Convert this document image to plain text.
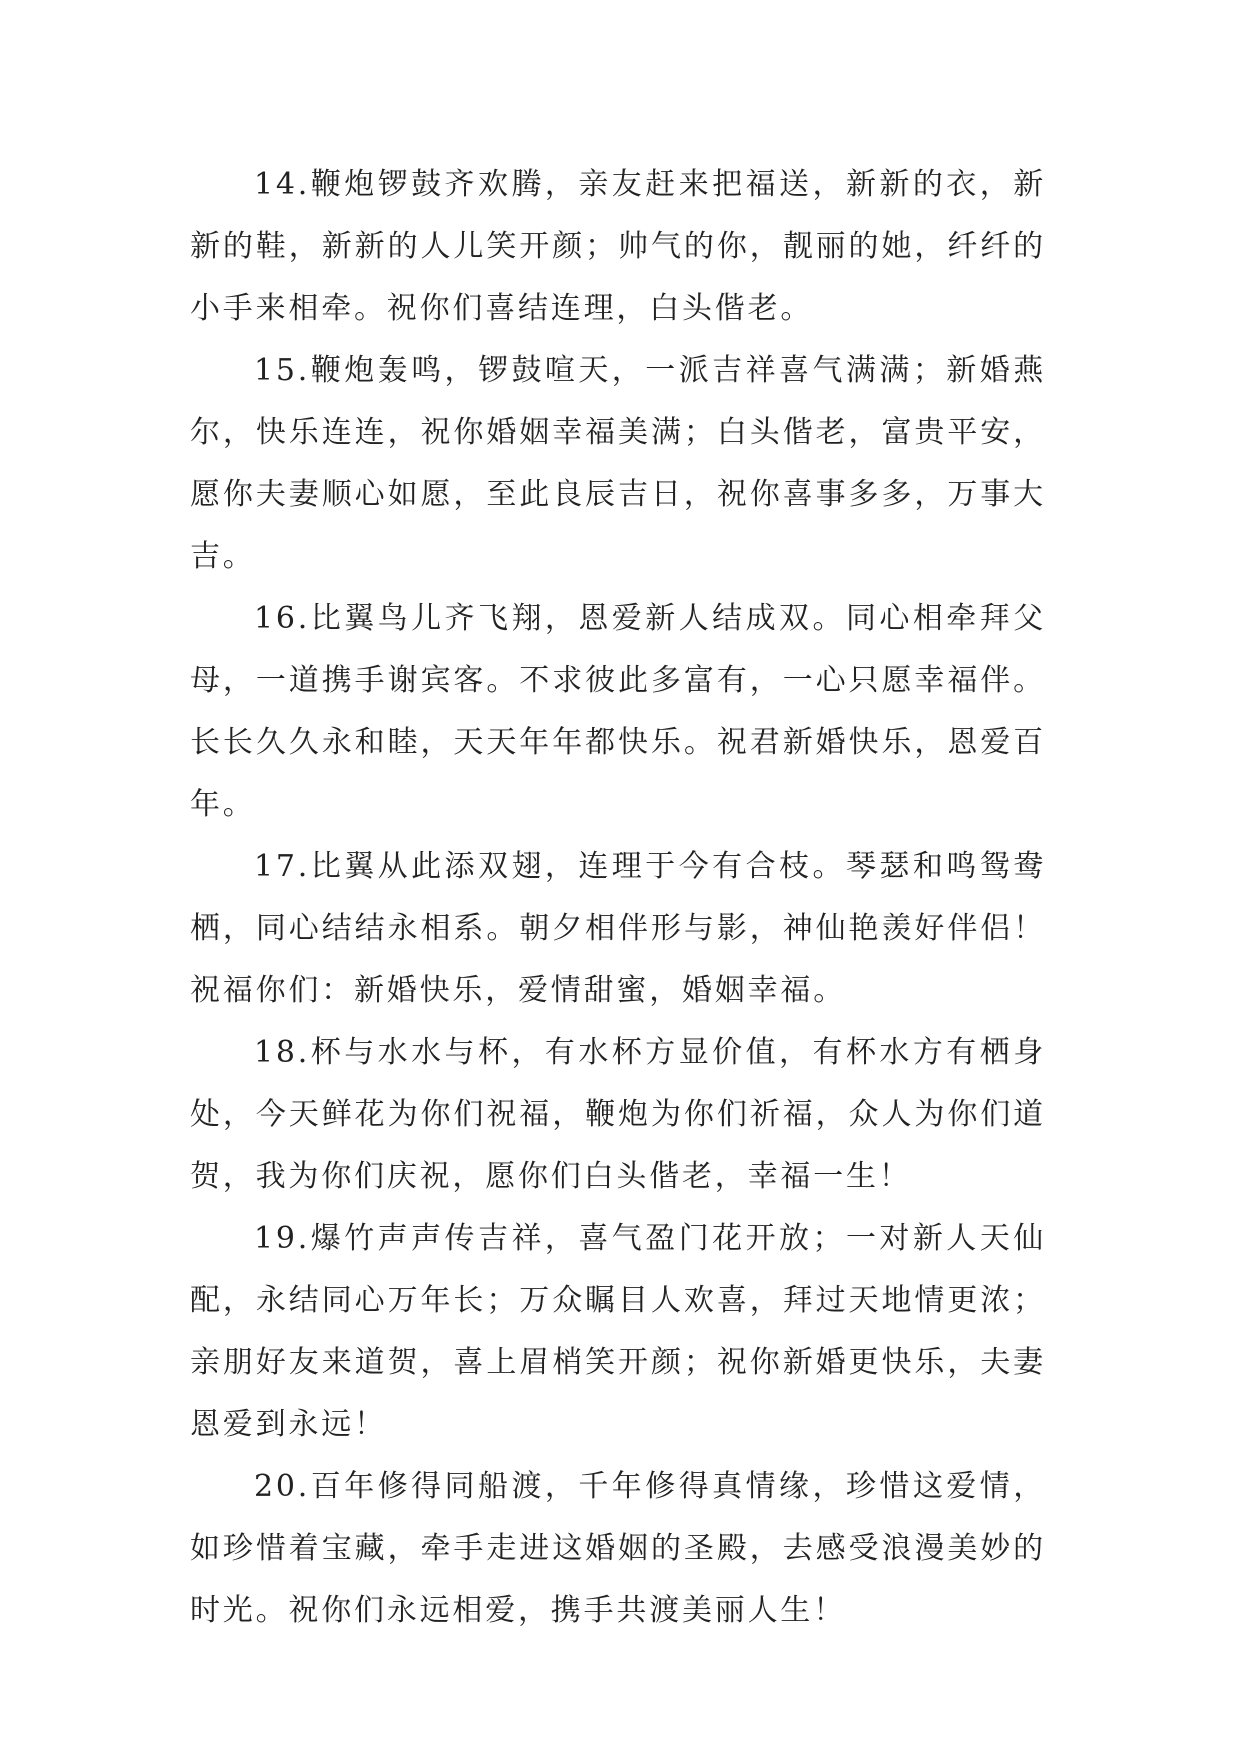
14.鞭炮锣鼓齐欢腾，亲友赶来把福送，新新的衣，新新的鞋，新新的人儿笑开颜；帅气的你，靓丽的她，纤纤的小手来相牵。祝你们喜结连理，白头偕老。

15.鞭炮轰鸣，锣鼓喧天，一派吉祥喜气满满；新婚燕尔，快乐连连，祝你婚姻幸福美满；白头偕老，富贵平安，愿你夫妻顺心如愿，至此良辰吉日，祝你喜事多多，万事大吉。

16.比翼鸟儿齐飞翔，恩爱新人结成双。同心相牵拜父母，一道携手谢宾客。不求彼此多富有，一心只愿幸福伴。长长久久永和睦，天天年年都快乐。祝君新婚快乐，恩爱百年。

17.比翼从此添双翅，连理于今有合枝。琴瑟和鸣鸳鸯栖，同心结结永相系。朝夕相伴形与影，神仙艳羡好伴侣！祝福你们：新婚快乐，爱情甜蜜，婚姻幸福。

18.杯与水水与杯，有水杯方显价值，有杯水方有栖身处，今天鲜花为你们祝福，鞭炮为你们祈福，众人为你们道贺，我为你们庆祝，愿你们白头偕老，幸福一生！

19.爆竹声声传吉祥，喜气盈门花开放；一对新人天仙配，永结同心万年长；万众瞩目人欢喜，拜过天地情更浓；亲朋好友来道贺，喜上眉梢笑开颜；祝你新婚更快乐，夫妻恩爱到永远！

20.百年修得同船渡，千年修得真情缘，珍惜这爱情，如珍惜着宝藏，牵手走进这婚姻的圣殿，去感受浪漫美妙的时光。祝你们永远相爱，携手共渡美丽人生！
